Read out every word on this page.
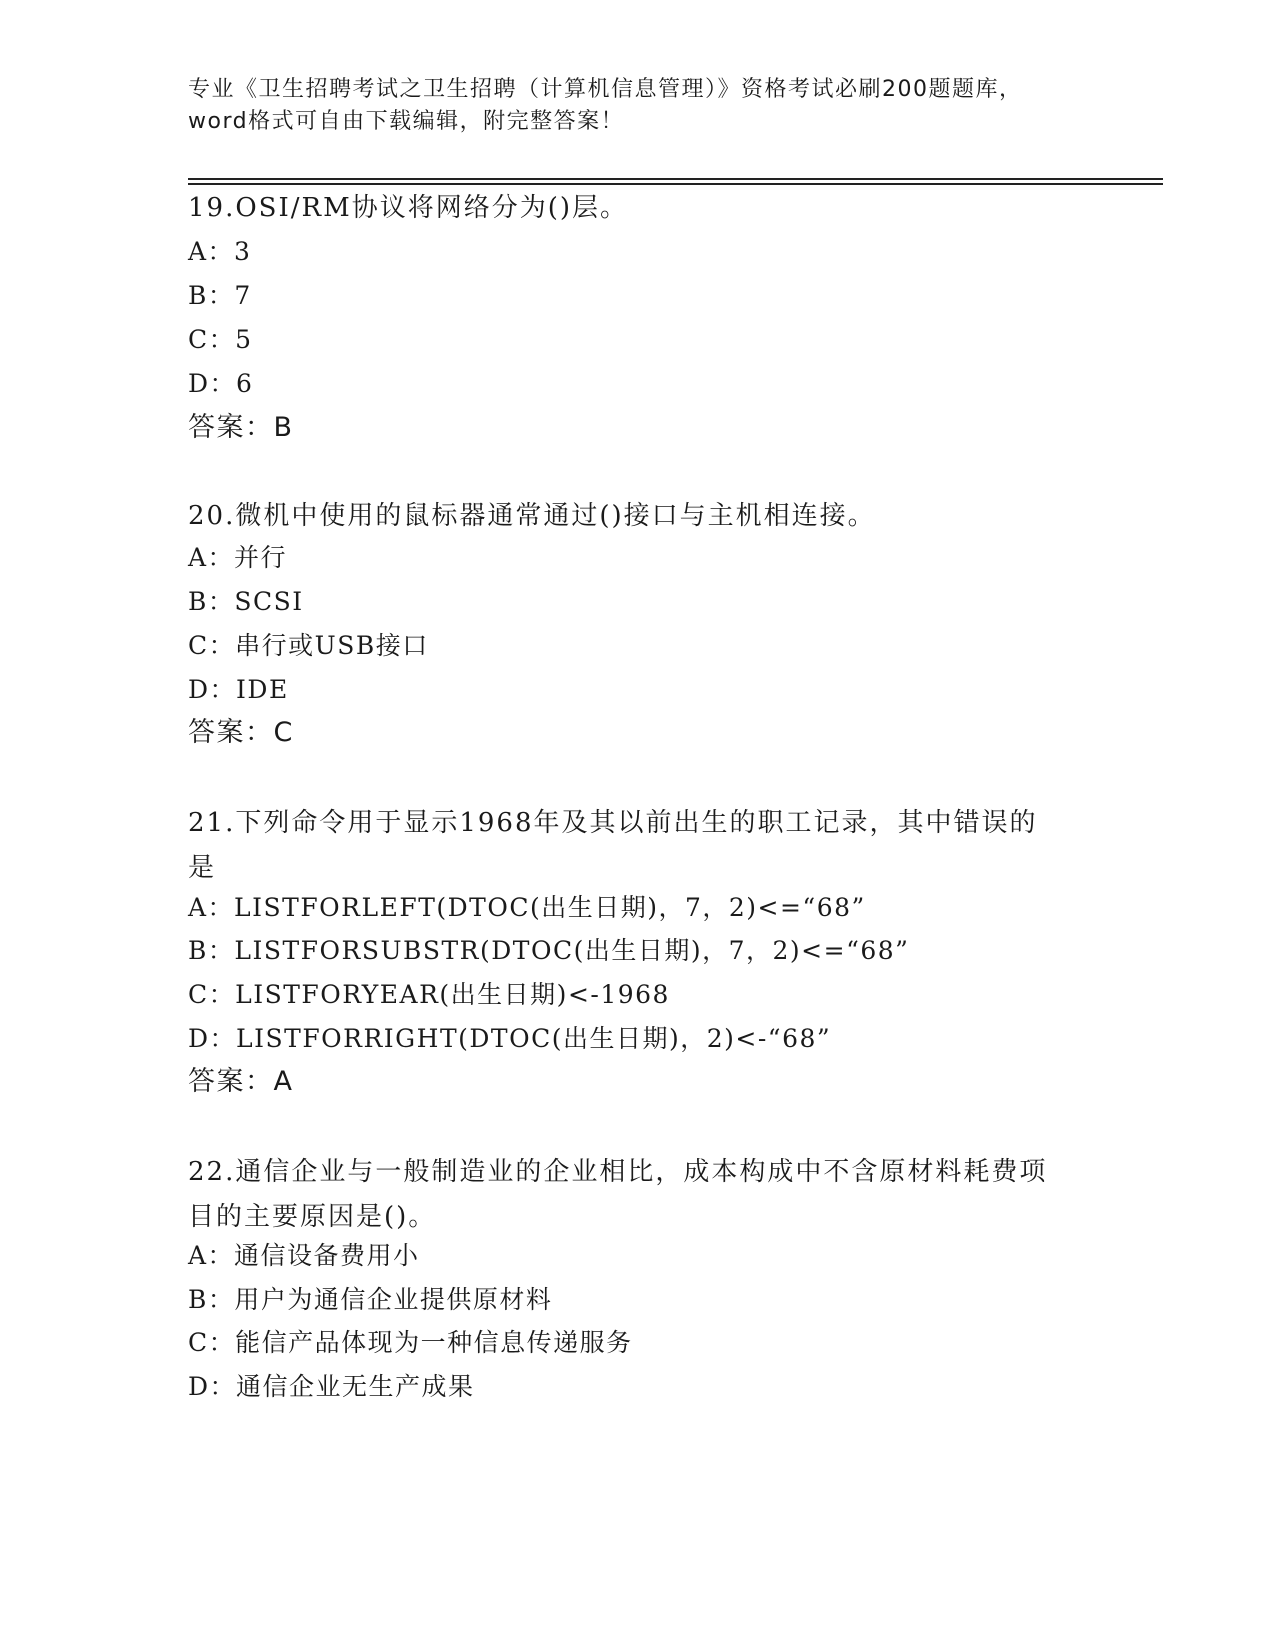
专业《卫生招聘考试之卫生招聘（计算机信息管理）》资格考试必刷200题题库，
word格式可自由下载编辑，附完整答案！
19.OSI/RM协议将网络分为()层。
A：3
B：7
C：5
D：6
答案：B
20.微机中使用的鼠标器通常通过()接口与主机相连接。
A：并行
B：SCSI
C：串行或USB接口
D：IDE
答案：C
21.下列命令用于显示1968年及其以前出生的职工记录，其中错误的
是
A：LISTFORLEFT(DTOC(出生日期)，7，2)<=“68”
B：LISTFORSUBSTR(DTOC(出生日期)，7，2)<=“68”
C：LISTFORYEAR(出生日期)<-1968
D：LISTFORRIGHT(DTOC(出生日期)，2)<-“68”
答案：A
22.通信企业与一般制造业的企业相比，成本构成中不含原材料耗费项
目的主要原因是()。
A：通信设备费用小
B：用户为通信企业提供原材料
C：能信产品体现为一种信息传递服务
D：通信企业无生产成果
